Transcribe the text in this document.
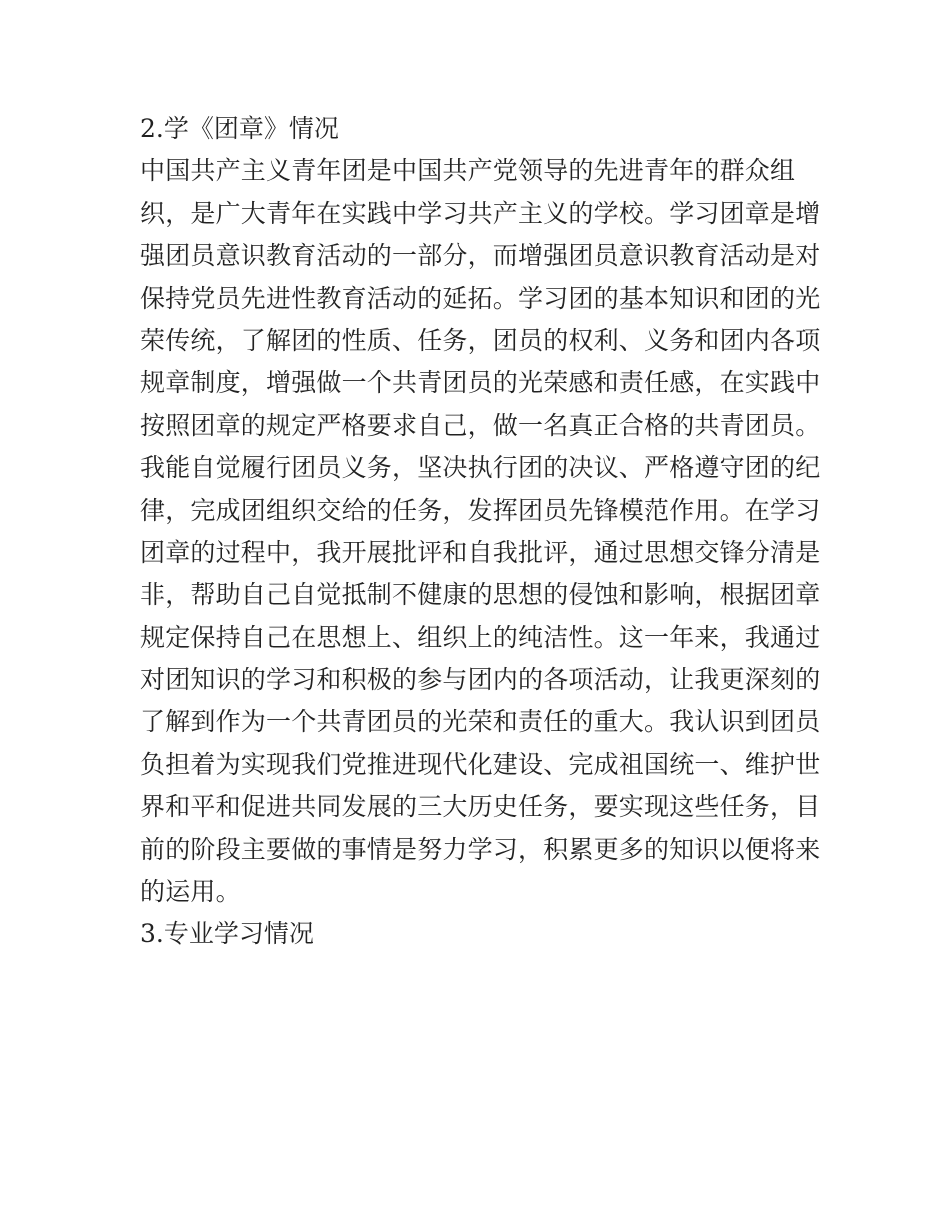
2.学《团章》情况
中国共产主义青年团是中国共产党领导的先进青年的群众组
织，是广大青年在实践中学习共产主义的学校。学习团章是增
强团员意识教育活动的一部分，而增强团员意识教育活动是对
保持党员先进性教育活动的延拓。学习团的基本知识和团的光
荣传统，了解团的性质、任务，团员的权利、义务和团内各项
规章制度，增强做一个共青团员的光荣感和责任感，在实践中
按照团章的规定严格要求自己，做一名真正合格的共青团员。
我能自觉履行团员义务，坚决执行团的决议、严格遵守团的纪
律，完成团组织交给的任务，发挥团员先锋模范作用。在学习
团章的过程中，我开展批评和自我批评，通过思想交锋分清是
非，帮助自己自觉抵制不健康的思想的侵蚀和影响，根据团章
规定保持自己在思想上、组织上的纯洁性。这一年来，我通过
对团知识的学习和积极的参与团内的各项活动，让我更深刻的
了解到作为一个共青团员的光荣和责任的重大。我认识到团员
负担着为实现我们党推进现代化建设、完成祖国统一、维护世
界和平和促进共同发展的三大历史任务，要实现这些任务，目
前的阶段主要做的事情是努力学习，积累更多的知识以便将来
的运用。
3.专业学习情况
